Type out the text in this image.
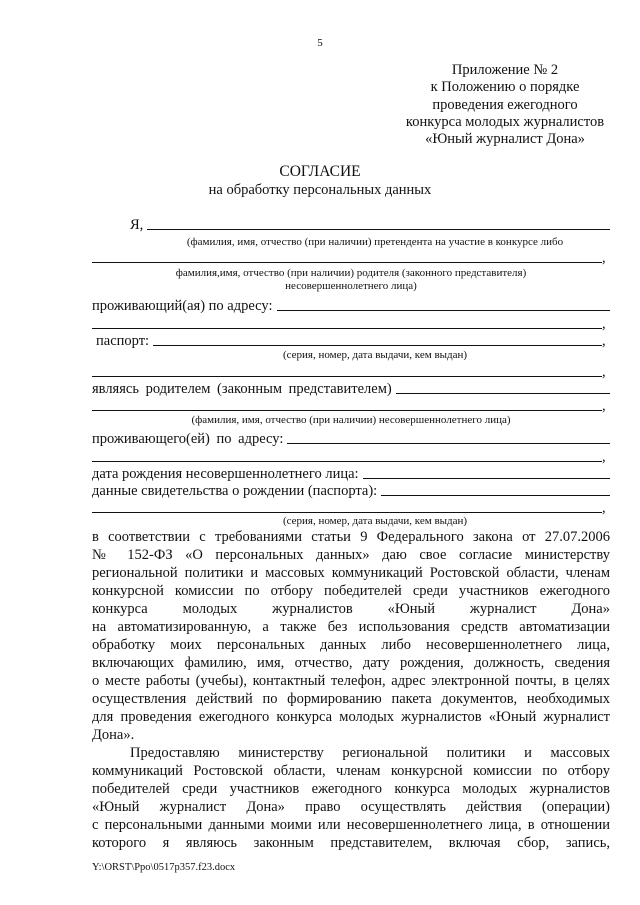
5
Приложение № 2
к Положению о порядке
проведения ежегодного
конкурса молодых журналистов
«Юный журналист Дона»
СОГЛАСИЕ
на обработку персональных данных
Я,
(фамилия, имя, отчество (при наличии) претендента на участие в конкурсе либо
,
фамилия,имя, отчество (при наличии) родителя (законного представителя)
несовершеннолетнего лица)
проживающий(ая) по адресу:
,
паспорт:	,
(серия, номер, дата выдачи, кем выдан)
,
являясь родителем (законным представителем)
,
(фамилия, имя, отчество (при наличии) несовершеннолетнего лица)
проживающего(ей) по адресу:
,
дата рождения несовершеннолетнего лица:
данные свидетельства о рождении (паспорта):
,
(серия, номер, дата выдачи, кем выдан)
в соответствии с требованиями статьи 9 Федерального закона от 27.07.2006
№ 152-ФЗ «О персональных данных» даю свое согласие министерству
региональной политики и массовых коммуникаций Ростовской области, членам
конкурсной комиссии по отбору победителей среди участников ежегодного
конкурса молодых журналистов «Юный журналист Дона»
на автоматизированную, а также без использования средств автоматизации
обработку моих персональных данных либо несовершеннолетнего лица,
включающих фамилию, имя, отчество, дату рождения, должность, сведения
о месте работы (учебы), контактный телефон, адрес электронной почты, в целях
осуществления действий по формированию пакета документов, необходимых
для проведения ежегодного конкурса молодых журналистов «Юный журналист
Дона».
Предоставляю министерству региональной политики и массовых
коммуникаций Ростовской области, членам конкурсной комиссии по отбору
победителей среди участников ежегодного конкурса молодых журналистов
«Юный журналист Дона» право осуществлять действия (операции)
с персональными данными моими или несовершеннолетнего лица, в отношении
которого я являюсь законным представителем, включая сбор, запись,
Y:\ORST\Ppo\0517p357.f23.docx
